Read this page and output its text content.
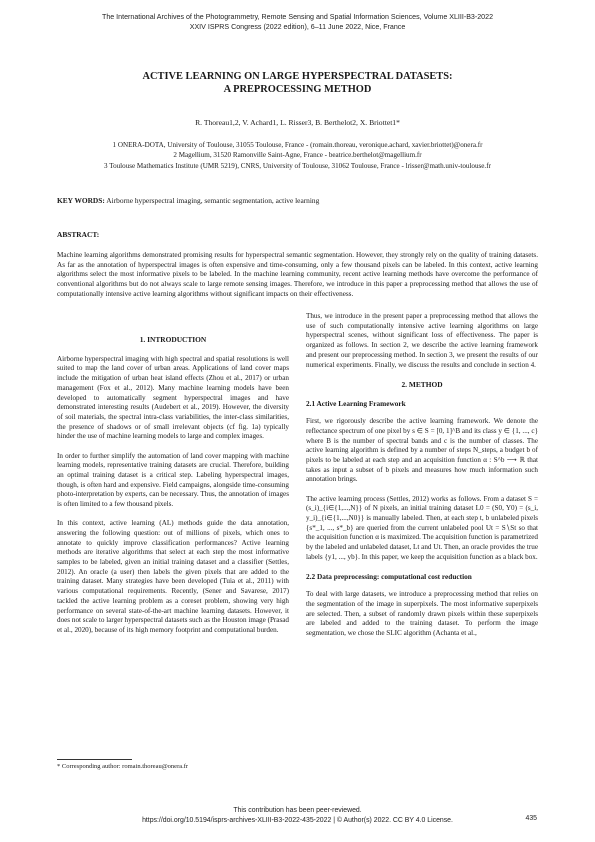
The International Archives of the Photogrammetry, Remote Sensing and Spatial Information Sciences, Volume XLIII-B3-2022
XXIV ISPRS Congress (2022 edition), 6–11 June 2022, Nice, France
ACTIVE LEARNING ON LARGE HYPERSPECTRAL DATASETS:
A PREPROCESSING METHOD
R. Thoreau1,2, V. Achard1, L. Risser3, B. Berthelot2, X. Briottet1*
1 ONERA-DOTA, University of Toulouse, 31055 Toulouse, France - (romain.thoreau, veronique.achard, xavier.briottet)@onera.fr
2 Magellium, 31520 Ramonville Saint-Agne, France - beatrice.berthelot@magellium.fr
3 Toulouse Mathematics Institute (UMR 5219), CNRS, University of Toulouse, 31062 Toulouse, France - lrisser@math.univ-toulouse.fr
KEY WORDS: Airborne hyperspectral imaging, semantic segmentation, active learning
ABSTRACT:
Machine learning algorithms demonstrated promising results for hyperspectral semantic segmentation. However, they strongly rely on the quality of training datasets. As far as the annotation of hyperspectral images is often expensive and time-consuming, only a few thousand pixels can be labeled. In this context, active learning algorithms select the most informative pixels to be labeled. In the machine learning community, recent active learning methods have overcome the performance of conventional algorithms but do not always scale to large remote sensing images. Therefore, we introduce in this paper a preprocessing method that allows the use of computationally intensive active learning algorithms without significant impacts on their effectiveness.
1. INTRODUCTION

Airborne hyperspectral imaging with high spectral and spatial resolutions is well suited to map the land cover of urban areas. Applications of land cover maps include the mitigation of urban heat island effects (Zhou et al., 2017) or urban management (Fox et al., 2012). Many machine learning models have been developed to automatically segment hyperspectral images and have demonstrated interesting results (Audebert et al., 2019). However, the diversity of soil materials, the spectral intra-class variabilities, the inter-class similarities, the presence of shadows or of small irrelevant objects (cf fig. 1a) typically hinder the use of machine learning models to large and complex images.

In order to further simplify the automation of land cover mapping with machine learning models, representative training datasets are crucial. Therefore, building an optimal training dataset is a critical step. Labeling hyperspectral images, though, is often hard and expensive. Field campaigns, alongside time-consuming photo-interpretation by experts, can be necessary. Thus, the annotation of images is often limited to a few thousand pixels.

In this context, active learning (AL) methods guide the data annotation, answering the following question: out of millions of pixels, which ones to annotate to quickly improve classification performances? Active learning methods are iterative algorithms that select at each step the most informative samples to be labeled, given an initial training dataset and a classifier (Settles, 2012). An oracle (a user) then labels the given pixels that are added to the training dataset. Many strategies have been developed (Tuia et al., 2011) with various computational requirements. Recently, (Sener and Savarese, 2017) tackled the active learning problem as a coreset problem, showing very high performance on several state-of-the-art machine learning datasets. However, it does not scale to larger hyperspectral datasets such as the Houston image (Prasad et al., 2020), because of its high memory footprint and computational burden.

* Corresponding author: romain.thoreau@onera.fr

Thus, we introduce in the present paper a preprocessing method that allows the use of such computationally intensive active learning algorithms on large hyperspectral scenes, without significant loss of effectiveness. The paper is organized as follows. In section 2, we describe the active learning framework and present our preprocessing method. In section 3, we present the results of our numerical experiments. Finally, we discuss the results and conclude in section 4.

2. METHOD
2.1 Active Learning Framework

First, we rigorously describe the active learning framework. We denote the reflectance spectrum of one pixel by s ∈ S = [0, 1]^B and its class y ∈ {1, ..., c} where B is the number of spectral bands and c is the number of classes. The active learning algorithm is defined by a number of steps N_steps, a budget b of pixels to be labeled at each step and an acquisition function α : S^b ⟶ ℝ that takes as input a subset of b pixels and measures how much information such annotation brings.

The active learning process (Settles, 2012) works as follows. From a dataset S = (s_i)_{i∈{1,...,N}} of N pixels, an initial training dataset L0 = (S0, Y0) = (s_i, y_i)_{i∈{1,...,N0}} is manually labeled. Then, at each step t, b unlabeled pixels {s*_1, ..., s*_b} are queried from the current unlabeled pool Ut = S∖St so that the acquisition function α is maximized. The acquisition function is parametrized by the labeled and unlabeled dataset, Lt and Ut. Then, an oracle provides the true labels {y1, ..., yb}. In this paper, we keep the acquisition function as a black box.

2.2 Data preprocessing: computational cost reduction

To deal with large datasets, we introduce a preprocessing method that relies on the segmentation of the image in superpixels. The most informative superpixels are selected. Then, a subset of randomly drawn pixels within these superpixels are labeled and added to the training dataset. To perform the image segmentation, we chose the SLIC algorithm (Achanta et al.,

This contribution has been peer-reviewed.
https://doi.org/10.5194/isprs-archives-XLIII-B3-2022-435-2022 | © Author(s) 2022. CC BY 4.0 License.	435
